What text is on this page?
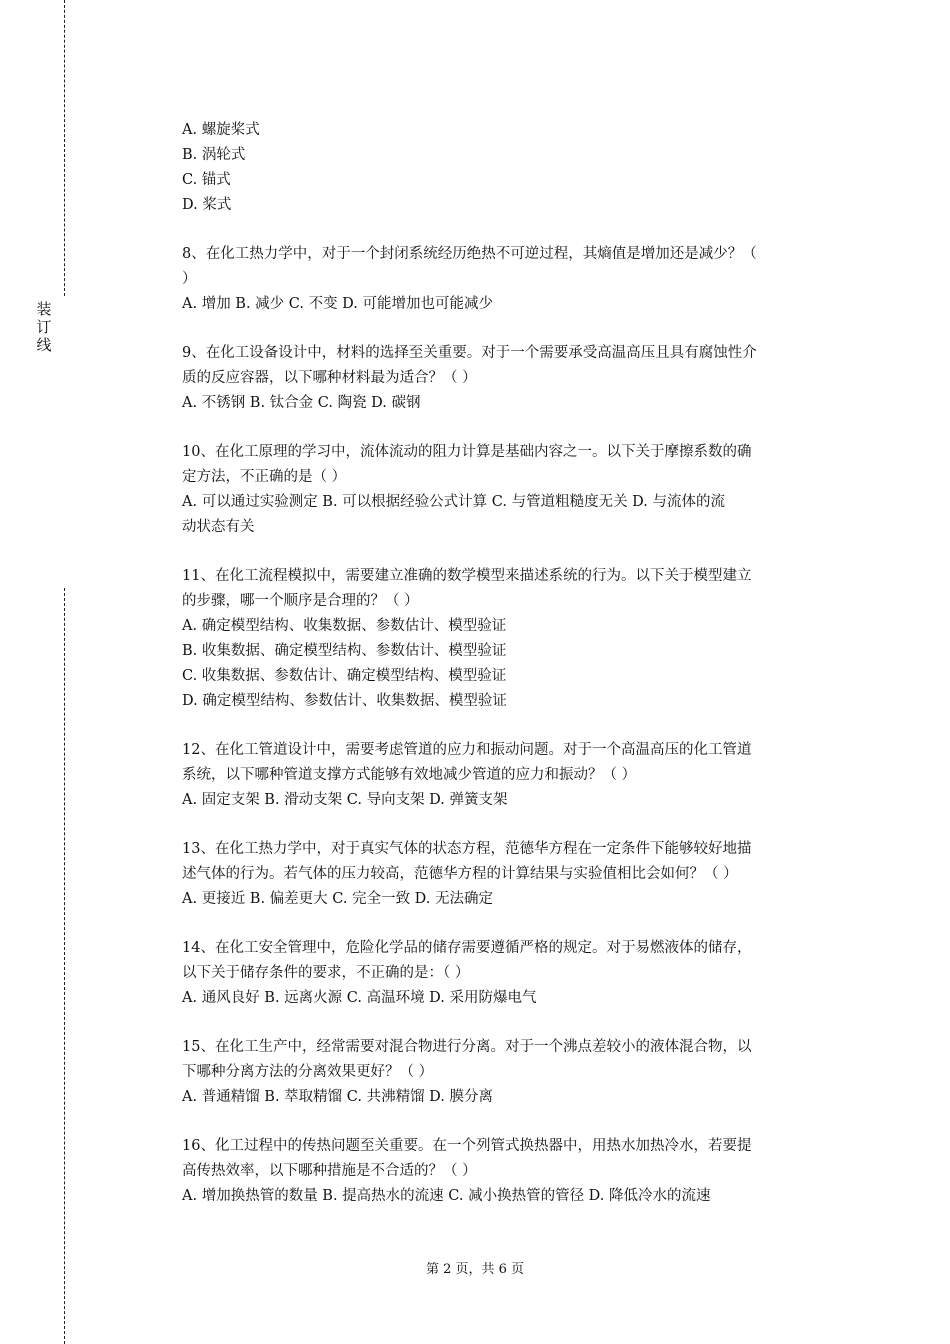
装
订
线
A. 螺旋桨式
B. 涡轮式
C. 锚式
D. 桨式
8、在化工热力学中，对于一个封闭系统经历绝热不可逆过程，其熵值是增加还是减少？（
）
A. 增加 B. 减少 C. 不变 D. 可能增加也可能减少
9、在化工设备设计中，材料的选择至关重要。对于一个需要承受高温高压且具有腐蚀性介
质的反应容器，以下哪种材料最为适合？（ ）
A. 不锈钢 B. 钛合金 C. 陶瓷 D. 碳钢
10、在化工原理的学习中，流体流动的阻力计算是基础内容之一。以下关于摩擦系数的确
定方法，不正确的是（ ）
A. 可以通过实验测定 B. 可以根据经验公式计算 C. 与管道粗糙度无关 D. 与流体的流
动状态有关
11、在化工流程模拟中，需要建立准确的数学模型来描述系统的行为。以下关于模型建立
的步骤，哪一个顺序是合理的？（ ）
A. 确定模型结构、收集数据、参数估计、模型验证
B. 收集数据、确定模型结构、参数估计、模型验证
C. 收集数据、参数估计、确定模型结构、模型验证
D. 确定模型结构、参数估计、收集数据、模型验证
12、在化工管道设计中，需要考虑管道的应力和振动问题。对于一个高温高压的化工管道
系统，以下哪种管道支撑方式能够有效地减少管道的应力和振动？（ ）
A. 固定支架 B. 滑动支架 C. 导向支架 D. 弹簧支架
13、在化工热力学中，对于真实气体的状态方程，范德华方程在一定条件下能够较好地描
述气体的行为。若气体的压力较高，范德华方程的计算结果与实验值相比会如何？（ ）
A. 更接近 B. 偏差更大 C. 完全一致 D. 无法确定
14、在化工安全管理中，危险化学品的储存需要遵循严格的规定。对于易燃液体的储存，
以下关于储存条件的要求，不正确的是：（ ）
A. 通风良好 B. 远离火源 C. 高温环境 D. 采用防爆电气
15、在化工生产中，经常需要对混合物进行分离。对于一个沸点差较小的液体混合物，以
下哪种分离方法的分离效果更好？（ ）
A. 普通精馏 B. 萃取精馏 C. 共沸精馏 D. 膜分离
16、化工过程中的传热问题至关重要。在一个列管式换热器中，用热水加热冷水，若要提
高传热效率，以下哪种措施是不合适的？（ ）
A. 增加换热管的数量 B. 提高热水的流速 C. 减小换热管的管径 D. 降低冷水的流速
第 2 页，共 6 页
